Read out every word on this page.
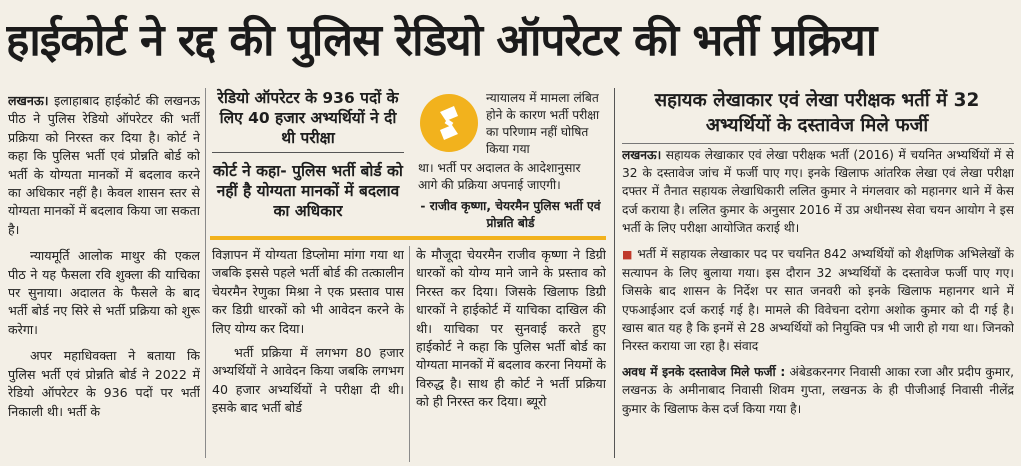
हाईकोर्ट ने रद्द की पुलिस रेडियो ऑपरेटर की भर्ती प्रक्रिया

लखनऊ। इलाहाबाद हाईकोर्ट की लखनऊ पीठ ने पुलिस रेडियो ऑपरेटर की भर्ती प्रक्रिया को निरस्त कर दिया है। कोर्ट ने कहा कि पुलिस भर्ती एवं प्रोन्नति बोर्ड को भर्ती के योग्यता मानकों में बदलाव करने का अधिकार नहीं है। केवल शासन स्तर से योग्यता मानकों में बदलाव किया जा सकता है।

न्यायमूर्ति आलोक माथुर की एकल पीठ ने यह फैसला रवि शुक्ला की याचिका पर सुनाया। अदालत के फैसले के बाद भर्ती बोर्ड नए सिरे से भर्ती प्रक्रिया को शुरू करेगा।

अपर महाधिवक्ता ने बताया कि पुलिस भर्ती एवं प्रोन्नति बोर्ड ने 2022 में रेडियो ऑपरेटर के 936 पदों पर भर्ती निकाली थी। भर्ती के

रेडियो ऑपरेटर के 936 पदों के लिए 40 हजार अभ्यर्थियों ने दी थी परीक्षा
कोर्ट ने कहा- पुलिस भर्ती बोर्ड को नहीं है योग्यता मानकों में बदलाव का अधिकार
न्यायालय में मामला लंबित होने के कारण भर्ती परीक्षा का परिणाम नहीं घोषित किया गया
था। भर्ती पर अदालत के आदेशानुसार आगे की प्रक्रिया अपनाई जाएगी।
- राजीव कृष्णा, चेयरमैन पुलिस भर्ती एवं प्रोन्नति बोर्ड

विज्ञापन में योग्यता डिप्लोमा मांगा गया था जबकि इससे पहले भर्ती बोर्ड की तत्कालीन चेयरमैन रेणुका मिश्रा ने एक प्रस्ताव पास कर डिग्री धारकों को भी आवेदन करने के लिए योग्य कर दिया।

भर्ती प्रक्रिया में लगभग 80 हजार अभ्यर्थियों ने आवेदन किया जबकि लगभग 40 हजार अभ्यर्थियों ने परीक्षा दी थी। इसके बाद भर्ती बोर्ड

के मौजूदा चेयरमैन राजीव कृष्णा ने डिग्री धारकों को योग्य माने जाने के प्रस्ताव को निरस्त कर दिया। जिसके खिलाफ डिग्री धारकों ने हाईकोर्ट में याचिका दाखिल की थी। याचिका पर सुनवाई करते हुए हाईकोर्ट ने कहा कि पुलिस भर्ती बोर्ड का योग्यता मानकों में बदलाव करना नियमों के विरुद्ध है। साथ ही कोर्ट ने भर्ती प्रक्रिया को ही निरस्त कर दिया। ब्यूरो

सहायक लेखाकार एवं लेखा परीक्षक भर्ती में 32 अभ्यर्थियों के दस्तावेज मिले फर्जी

लखनऊ। सहायक लेखाकार एवं लेखा परीक्षक भर्ती (2016) में चयनित अभ्यर्थियों में से 32 के दस्तावेज जांच में फर्जी पाए गए। इनके खिलाफ आंतरिक लेखा एवं लेखा परीक्षा दफ्तर में तैनात सहायक लेखाधिकारी ललित कुमार ने मंगलवार को महानगर थाने में केस दर्ज कराया है। ललित कुमार के अनुसार 2016 में उप्र अधीनस्थ सेवा चयन आयोग ने इस भर्ती के लिए परीक्षा आयोजित कराई थी।

■ भर्ती में सहायक लेखाकार पद पर चयनित 842 अभ्यर्थियों को शैक्षणिक अभिलेखों के सत्यापन के लिए बुलाया गया। इस दौरान 32 अभ्यर्थियों के दस्तावेज फर्जी पाए गए। जिसके बाद शासन के निर्देश पर सात जनवरी को इनके खिलाफ महानगर थाने में एफआईआर दर्ज कराई गई है। मामले की विवेचना दरोगा अशोक कुमार को दी गई है। खास बात यह है कि इनमें से 28 अभ्यर्थियों को नियुक्ति पत्र भी जारी हो गया था। जिनको निरस्त कराया जा रहा है। संवाद

अवध में इनके दस्तावेज मिले फर्जी : अंबेडकरनगर निवासी आका रजा और प्रदीप कुमार, लखनऊ के अमीनाबाद निवासी शिवम गुप्ता, लखनऊ के ही पीजीआई निवासी नीलेंद्र कुमार के खिलाफ केस दर्ज किया गया है।
